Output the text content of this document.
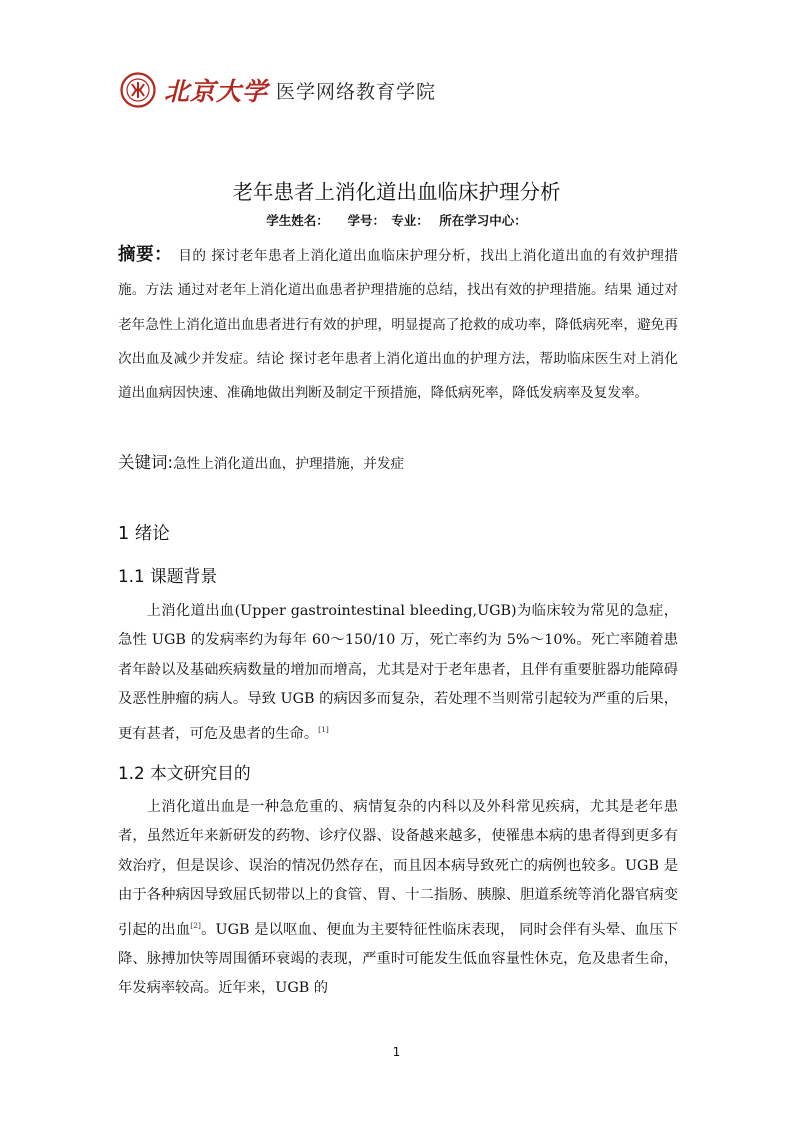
北京大学 医学网络教育学院
老年患者上消化道出血临床护理分析
学生姓名：　　学号：　专业：　 所在学习中心：
摘要： 目的 探讨老年患者上消化道出血临床护理分析，找出上消化道出血的有效护理措施。方法 通过对老年上消化道出血患者护理措施的总结，找出有效的护理措施。结果 通过对老年急性上消化道出血患者进行有效的护理，明显提高了抢救的成功率，降低病死率，避免再次出血及减少并发症。结论 探讨老年患者上消化道出血的护理方法，帮助临床医生对上消化道出血病因快速、准确地做出判断及制定干预措施，降低病死率，降低发病率及复发率。
关键词:急性上消化道出血，护理措施，并发症
1 绪论
1.1 课题背景
上消化道出血(Upper gastrointestinal bleeding,UGB)为临床较为常见的急症，急性 UGB 的发病率约为每年 60～150/10 万，死亡率约为 5%～10%。死亡率随着患者年龄以及基础疾病数量的增加而增高，尤其是对于老年患者，且伴有重要脏器功能障碍及恶性肿瘤的病人。导致 UGB 的病因多而复杂，若处理不当则常引起较为严重的后果，更有甚者，可危及患者的生命。[1]
1.2 本文研究目的
上消化道出血是一种急危重的、病情复杂的内科以及外科常见疾病，尤其是老年患者，虽然近年来新研发的药物、诊疗仪器、设备越来越多，使罹患本病的患者得到更多有效治疗，但是误诊、误治的情况仍然存在，而且因本病导致死亡的病例也较多。UGB 是由于各种病因导致屈氏韧带以上的食管、胃、十二指肠、胰腺、胆道系统等消化器官病变引起的出血[2]。UGB 是以呕血、便血为主要特征性临床表现， 同时会伴有头晕、血压下降、脉搏加快等周围循环衰竭的表现，严重时可能发生低血容量性休克，危及患者生命，年发病率较高。近年来，UGB 的
1
